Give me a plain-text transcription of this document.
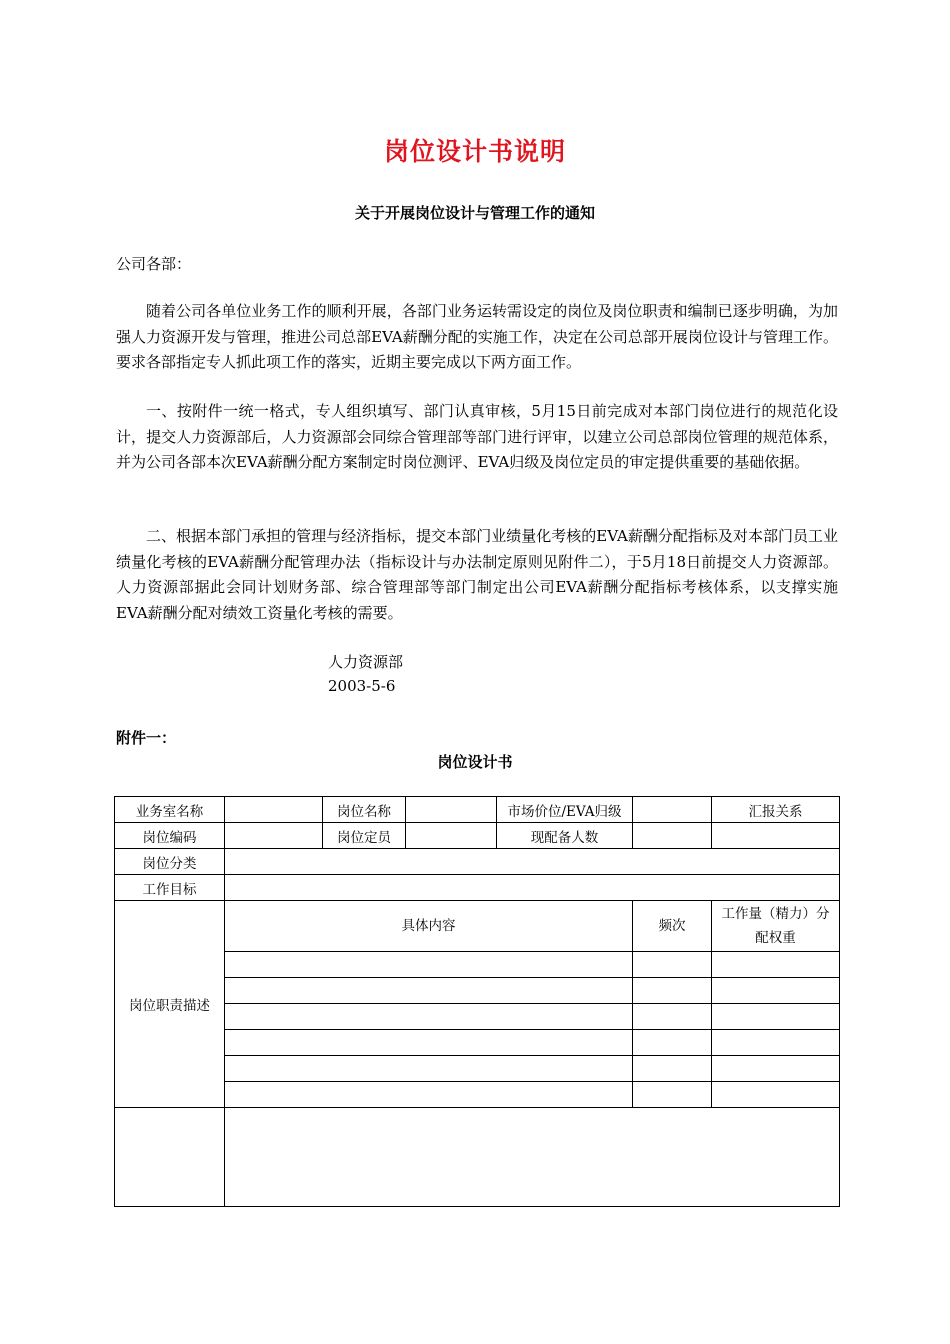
岗位设计书说明
关于开展岗位设计与管理工作的通知
公司各部：
随着公司各单位业务工作的顺利开展，各部门业务运转需设定的岗位及岗位职责和编制已逐步明确，为加强人力资源开发与管理，推进公司总部EVA薪酬分配的实施工作，决定在公司总部开展岗位设计与管理工作。要求各部指定专人抓此项工作的落实，近期主要完成以下两方面工作。
一、按附件一统一格式，专人组织填写、部门认真审核，5月15日前完成对本部门岗位进行的规范化设计，提交人力资源部后，人力资源部会同综合管理部等部门进行评审，以建立公司总部岗位管理的规范体系，并为公司各部本次EVA薪酬分配方案制定时岗位测评、EVA归级及岗位定员的审定提供重要的基础依据。
二、根据本部门承担的管理与经济指标，提交本部门业绩量化考核的EVA薪酬分配指标及对本部门员工业绩量化考核的EVA薪酬分配管理办法（指标设计与办法制定原则见附件二），于5月18日前提交人力资源部。人力资源部据此会同计划财务部、综合管理部等部门制定出公司EVA薪酬分配指标考核体系，以支撑实施EVA薪酬分配对绩效工资量化考核的需要。
人力资源部
2003-5-6
附件一：
岗位设计书
业务室名称		岗位名称		市场价位/EVA归级		汇报关系
岗位编码		岗位定员		现配备人数		
岗位分类						
工作目标						
岗位职责描述	具体内容				频次	工作量（精力）分配权重
